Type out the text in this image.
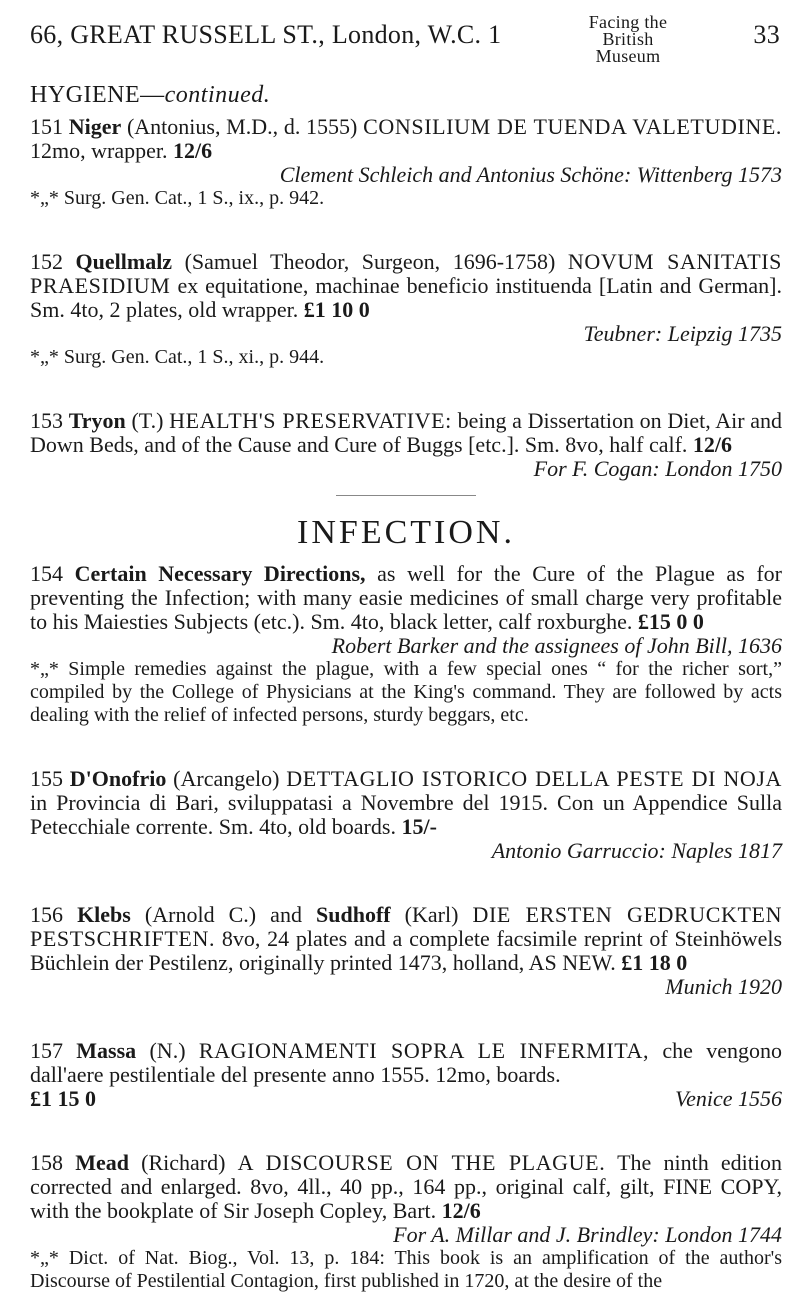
66, GREAT RUSSELL ST., London, W.C. 1	Facing the
British Museum
33
HYGIENE—continued.
151 Niger (Antonius, M.D., d. 1555) CONSILIUM DE TUENDA VALETUDINE. 12mo, wrapper. 12/6
Clement Schleich and Antonius Schöne: Wittenberg 1573
*„* Surg. Gen. Cat., 1 S., ix., p. 942.
152 Quellmalz (Samuel Theodor, Surgeon, 1696-1758) NOVUM SANITATIS PRAESIDIUM ex equitatione, machinae beneficio instituenda [Latin and German]. Sm. 4to, 2 plates, old wrapper. £1 10 0
Teubner: Leipzig 1735
*„* Surg. Gen. Cat., 1 S., xi., p. 944.
153 Tryon (T.) HEALTH'S PRESERVATIVE: being a Dissertation on Diet, Air and Down Beds, and of the Cause and Cure of Buggs [etc.]. Sm. 8vo, half calf. 12/6
For F. Cogan: London 1750
INFECTION.
154 Certain Necessary Directions, as well for the Cure of the Plague as for preventing the Infection; with many easie medicines of small charge very profitable to his Maiesties Subjects (etc.). Sm. 4to, black letter, calf roxburghe. £15 0 0
Robert Barker and the assignees of John Bill, 1636
*„* Simple remedies against the plague, with a few special ones “ for the richer sort,” compiled by the College of Physicians at the King's command. They are followed by acts dealing with the relief of infected persons, sturdy beggars, etc.
155 D'Onofrio (Arcangelo) DETTAGLIO ISTORICO DELLA PESTE DI NOJA in Provincia di Bari, sviluppatasi a Novembre del 1915. Con un Appendice Sulla Petecchiale corrente. Sm. 4to, old boards. 15/-
Antonio Garruccio: Naples 1817
156 Klebs (Arnold C.) and Sudhoff (Karl) DIE ERSTEN GEDRUCKTEN PESTSCHRIFTEN. 8vo, 24 plates and a complete facsimile reprint of Steinhöwels Büchlein der Pestilenz, originally printed 1473, holland, AS NEW. £1 18 0
Munich 1920
157 Massa (N.) RAGIONAMENTI SOPRA LE INFERMITA, che vengono dall'aere pestilentiale del presente anno 1555. 12mo, boards.
£1 15 0	Venice 1556
158 Mead (Richard) A DISCOURSE ON THE PLAGUE. The ninth edition corrected and enlarged. 8vo, 4ll., 40 pp., 164 pp., original calf, gilt, FINE COPY, with the bookplate of Sir Joseph Copley, Bart. 12/6
For A. Millar and J. Brindley: London 1744
*„* Dict. of Nat. Biog., Vol. 13, p. 184: This book is an amplification of the author's Discourse of Pestilential Contagion, first published in 1720, at the desire of the
